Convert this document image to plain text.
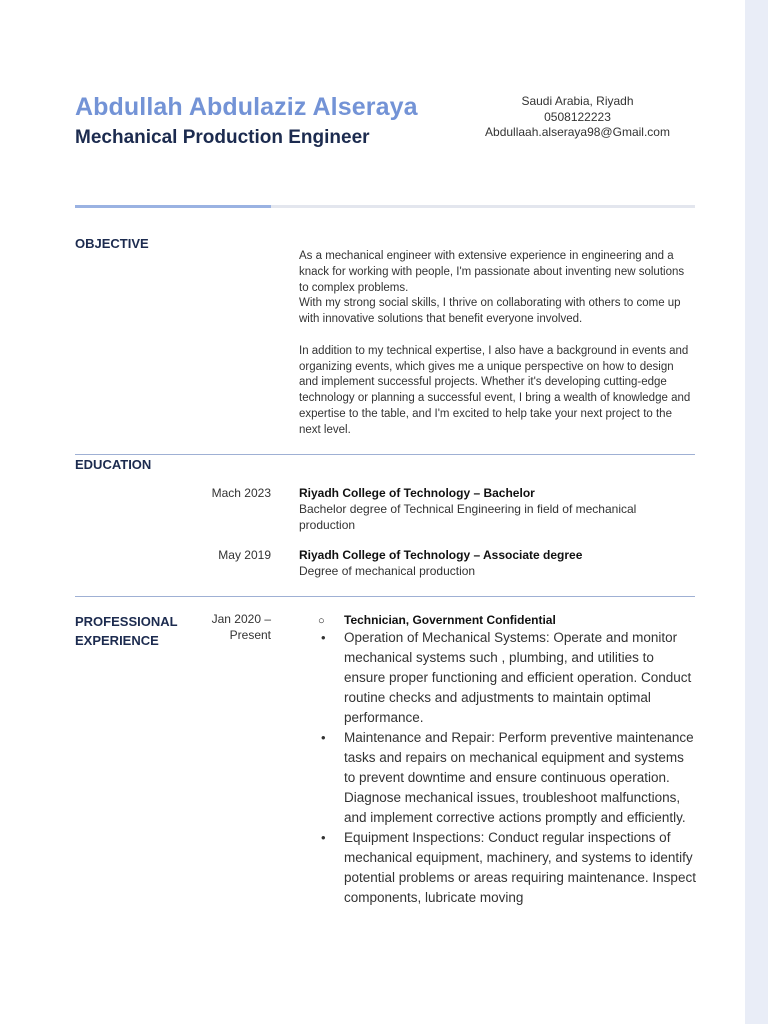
Abdullah Abdulaziz Alseraya
Mechanical Production Engineer
Saudi Arabia, Riyadh
0508122223
Abdullaah.alseraya98@Gmail.com
OBJECTIVE

As a mechanical engineer with extensive experience in engineering and a knack for working with people, I'm passionate about inventing new solutions to complex problems.

With my strong social skills, I thrive on collaborating with others to come up with innovative solutions that benefit everyone involved.

In addition to my technical expertise, I also have a background in events and organizing events, which gives me a unique perspective on how to design and implement successful projects. Whether it's developing cutting-edge technology or planning a successful event, I bring a wealth of knowledge and expertise to the table, and I'm excited to help take your next project to the next level.

EDUCATION
Mach 2023 Riyadh College of Technology – Bachelor
Bachelor degree of Technical Engineering in field of mechanical production
May 2019 Riyadh College of Technology – Associate degree
Degree of mechanical production
PROFESSIONAL EXPERIENCE
Jan 2020 – Present
○ Technician, Government Confidential
• Operation of Mechanical Systems: Operate and monitor mechanical systems such , plumbing, and utilities to ensure proper functioning and efficient operation. Conduct routine checks and adjustments to maintain optimal performance.
• Maintenance and Repair: Perform preventive maintenance tasks and repairs on mechanical equipment and systems to prevent downtime and ensure continuous operation. Diagnose mechanical issues, troubleshoot malfunctions, and implement corrective actions promptly and efficiently.
• Equipment Inspections: Conduct regular inspections of mechanical equipment, machinery, and systems to identify potential problems or areas requiring maintenance. Inspect components, lubricate moving
